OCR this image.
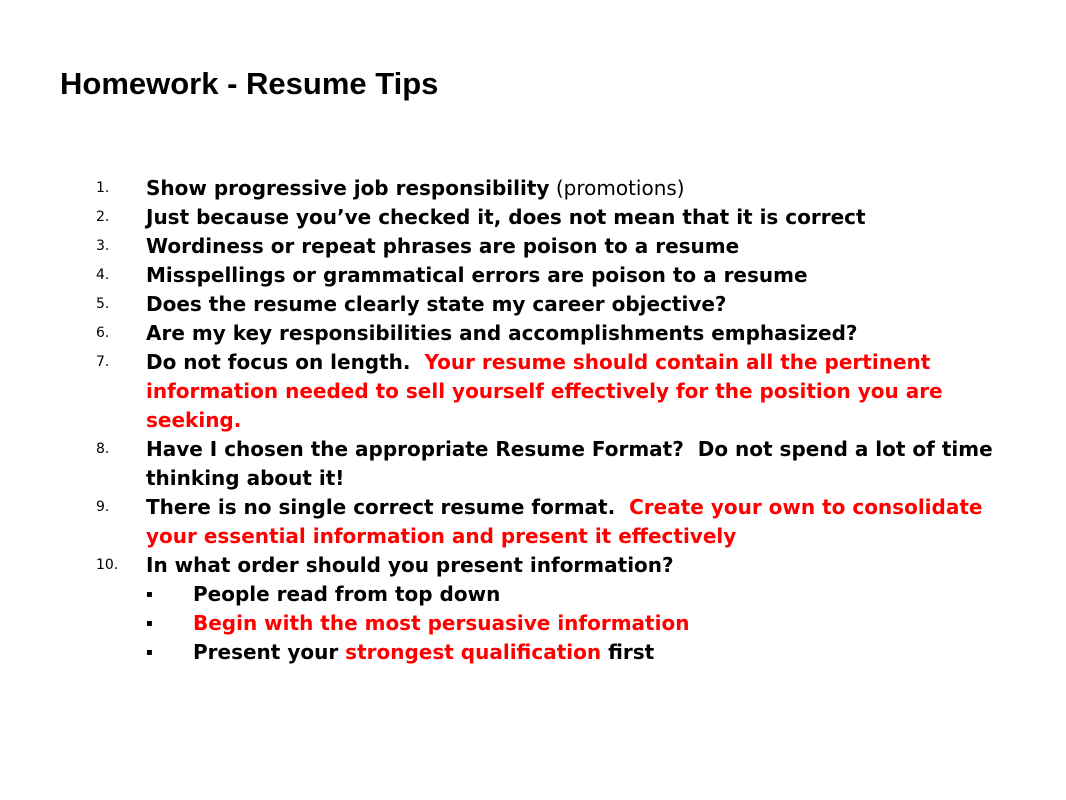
Homework - Resume Tips
1.	Show progressive job responsibility (promotions)
2.	Just because you’ve checked it, does not mean that it is correct
3.	Wordiness or repeat phrases are poison to a resume
4.	Misspellings or grammatical errors are poison to a resume
5.	Does the resume clearly state my career objective?
6.	Are my key responsibilities and accomplishments emphasized?
7.	Do not focus on length.  Your resume should contain all the pertinent information needed to sell yourself effectively for the position you are seeking.
8.	Have I chosen the appropriate Resume Format?  Do not spend a lot of time thinking about it!
9.	There is no single correct resume format.  Create your own to consolidate your essential information and present it effectively
10.	In what order should you present information?
▪	People read from top down
▪	Begin with the most persuasive information
▪	Present your strongest qualification first
